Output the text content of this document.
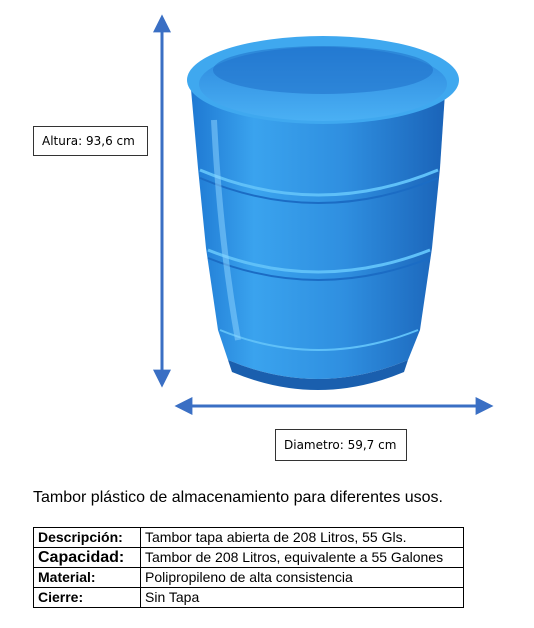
Altura: 93,6 cm
Diametro: 59,7 cm
Tambor plástico de almacenamiento para diferentes usos.
Descripción:	Tambor tapa abierta de 208 Litros, 55 Gls.
Capacidad:	Tambor de 208 Litros, equivalente a 55 Galones
Material:	Polipropileno de alta consistencia
Cierre:	Sin Tapa
